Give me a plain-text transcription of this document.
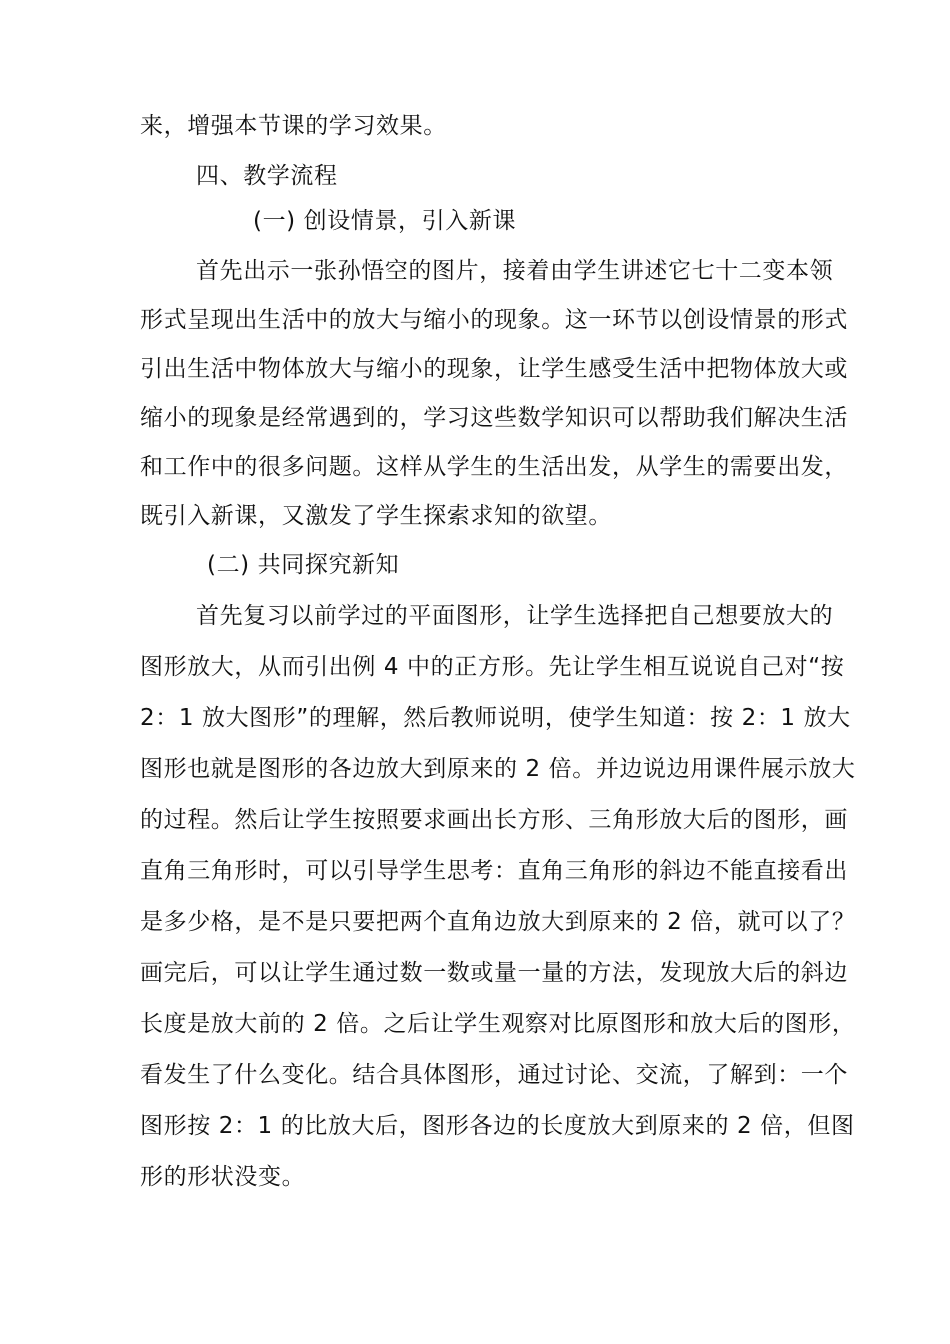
来，增强本节课的学习效果。
四、教学流程
(一) 创设情景，引入新课
首先出示一张孙悟空的图片，接着由学生讲述它七十二变本领
形式呈现出生活中的放大与缩小的现象。这一环节以创设情景的形式
引出生活中物体放大与缩小的现象，让学生感受生活中把物体放大或
缩小的现象是经常遇到的，学习这些数学知识可以帮助我们解决生活
和工作中的很多问题。这样从学生的生活出发，从学生的需要出发，
既引入新课，又激发了学生探索求知的欲望。
(二) 共同探究新知
首先复习以前学过的平面图形，让学生选择把自己想要放大的
图形放大，从而引出例 4 中的正方形。先让学生相互说说自己对“按
2：1 放大图形”的理解，然后教师说明，使学生知道：按 2：1 放大
图形也就是图形的各边放大到原来的 2 倍。并边说边用课件展示放大
的过程。然后让学生按照要求画出长方形、三角形放大后的图形，画
直角三角形时，可以引导学生思考：直角三角形的斜边不能直接看出
是多少格，是不是只要把两个直角边放大到原来的 2 倍，就可以了？
画完后，可以让学生通过数一数或量一量的方法，发现放大后的斜边
长度是放大前的 2 倍。之后让学生观察对比原图形和放大后的图形，
看发生了什么变化。结合具体图形，通过讨论、交流，了解到：一个
图形按 2：1 的比放大后，图形各边的长度放大到原来的 2 倍，但图
形的形状没变。
